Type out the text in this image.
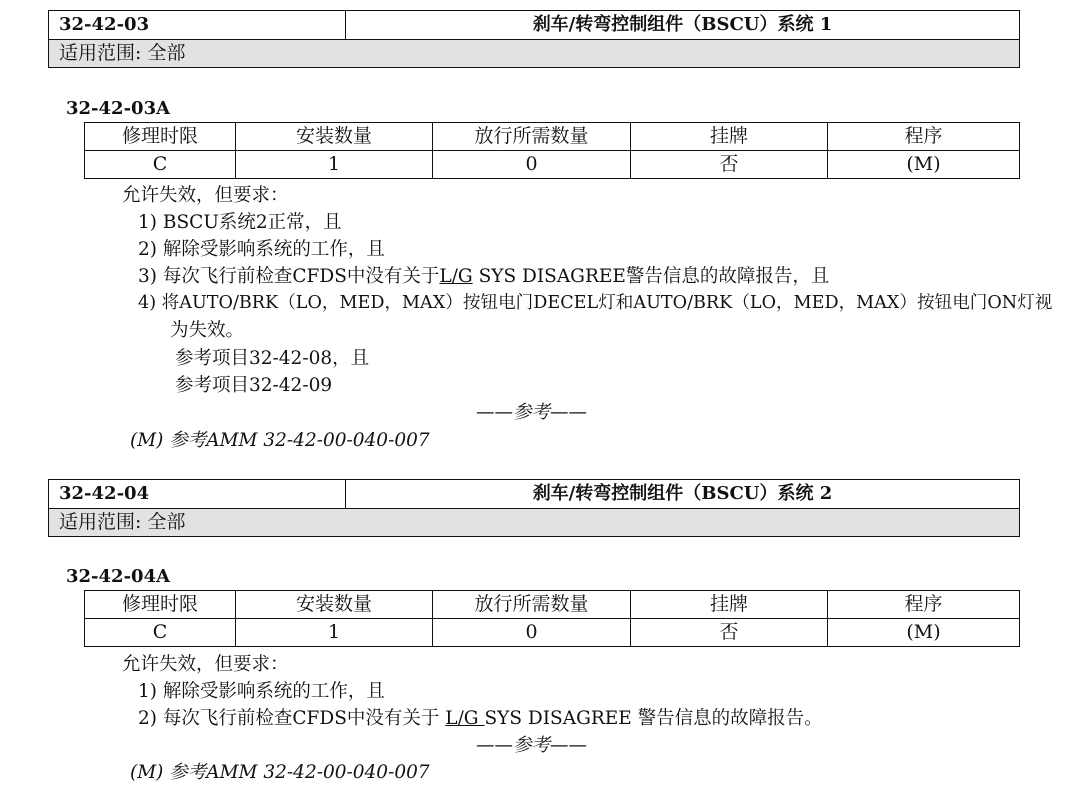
32-42-03	刹车/转弯控制组件（BSCU）系统 1
适用范围: 全部
32-42-03A
修理时限	安装数量	放行所需数量	挂牌	程序
C	1	0	否	(M)
允许失效，但要求：
1) BSCU系统2正常，且
2) 解除受影响系统的工作，且
3) 每次飞行前检查CFDS中没有关于L/G SYS DISAGREE警告信息的故障报告，且
4) 将AUTO/BRK（LO，MED，MAX）按钮电门DECEL灯和AUTO/BRK（LO，MED，MAX）按钮电门ON灯视
为失效。
参考项目32-42-08，且
参考项目32-42-09
——参考——
(M) 参考AMM 32-42-00-040-007
32-42-04	刹车/转弯控制组件（BSCU）系统 2
适用范围: 全部
32-42-04A
修理时限	安装数量	放行所需数量	挂牌	程序
C	1	0	否	(M)
允许失效，但要求：
1) 解除受影响系统的工作，且
2) 每次飞行前检查CFDS中没有关于 L/G SYS DISAGREE 警告信息的故障报告。
——参考——
(M) 参考AMM 32-42-00-040-007
